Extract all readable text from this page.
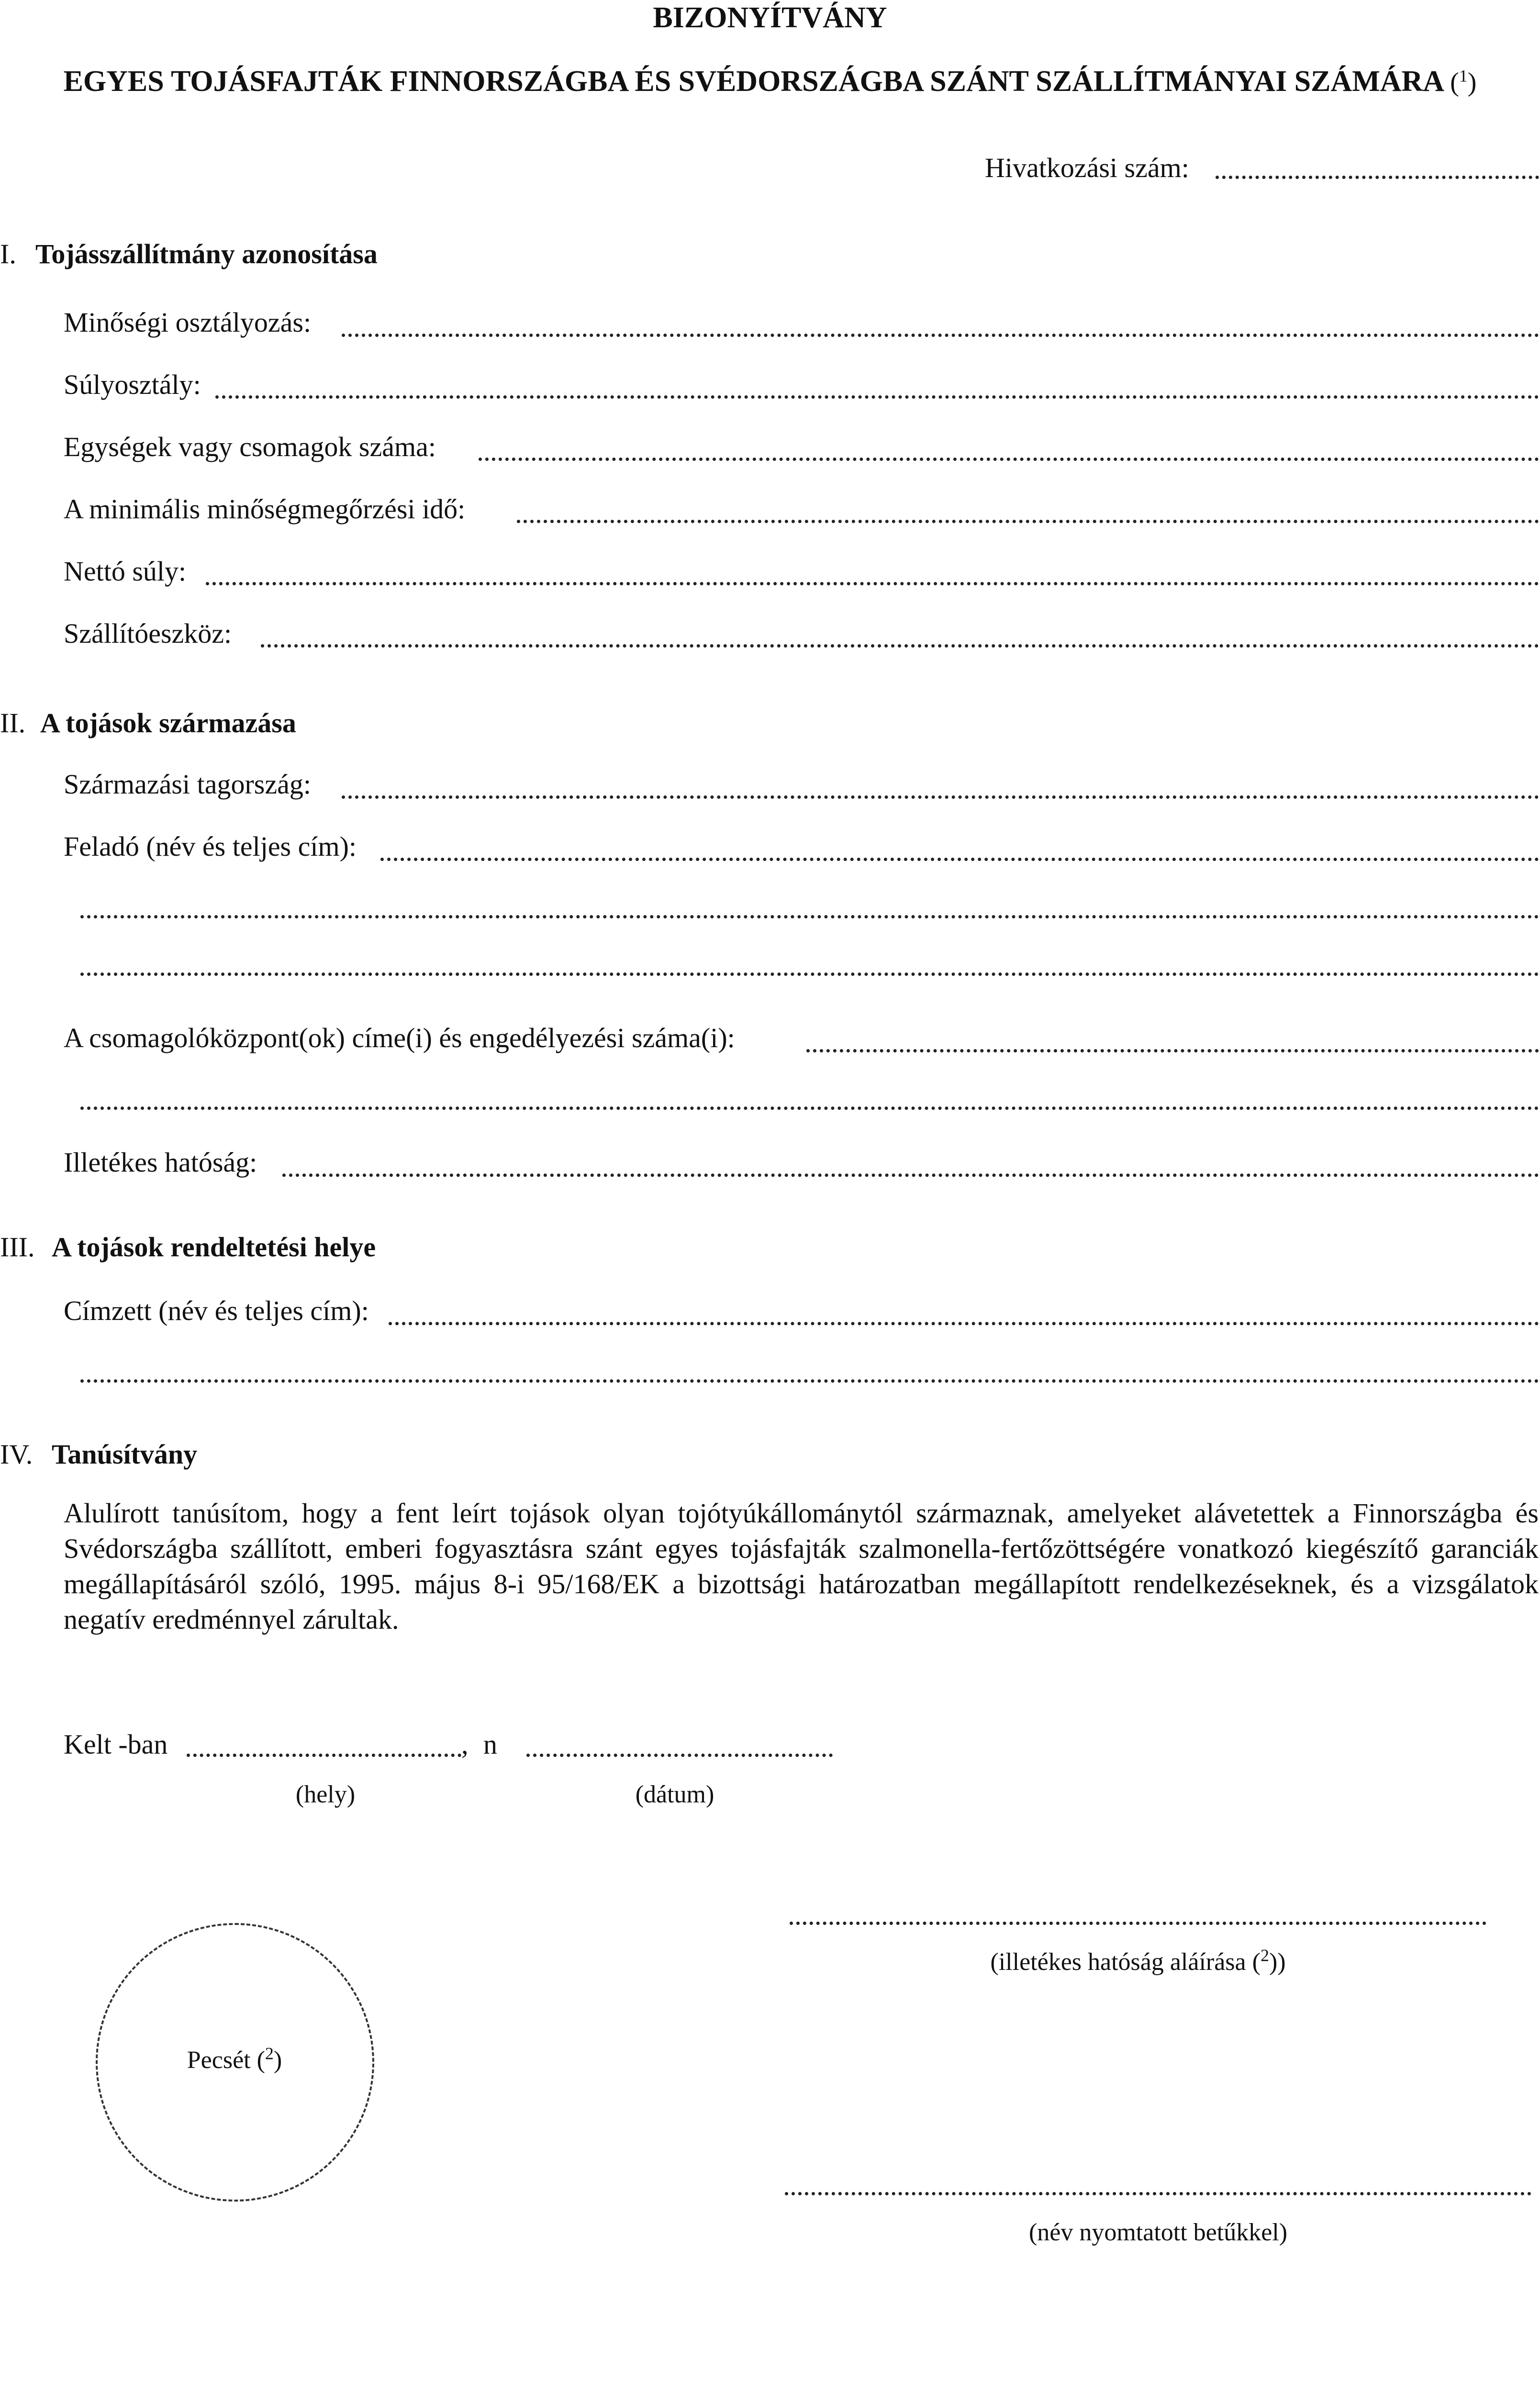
BIZONYÍTVÁNY
EGYES TOJÁSFAJTÁK FINNORSZÁGBA ÉS SVÉDORSZÁGBA SZÁNT SZÁLLÍTMÁNYAI SZÁMÁRA ($^1$)
Hivatkozási szám:
I. Tojásszállítmány azonosítása
Minőségi osztályozás:
Súlyosztály:
Egységek vagy csomagok száma:
A minimális minőségmegőrzési idő:
Nettó súly:
Szállítóeszköz:
II. A tojások származása
Származási tagország:
Feladó (név és teljes cím):
A csomagolóközpont(ok) címe(i) és engedélyezési száma(i):
Illetékes hatóság:
III. A tojások rendeltetési helye
Címzett (név és teljes cím):
IV. Tanúsítvány
Alulírott tanúsítom, hogy a fent leírt tojások olyan tojótyúkállománytól származnak, amelyeket alávetettek a Finnországba és Svédországba szállított, emberi fogyasztásra szánt egyes tojásfajták szalmonella-fertőzöttségére vonatkozó kiegészítő garanciák megállapításáról szóló, 1995. május 8-i 95/168/EK a bizottsági határozatban megállapított rendelkezéseknek, és a vizsgálatok negatív eredménnyel zárultak.
Kelt -ban	, n
(hely)	(dátum)
(illetékes hatóság aláírása ($^2$))
Pecsét ($^2$)
(név nyomtatott betűkkel)
